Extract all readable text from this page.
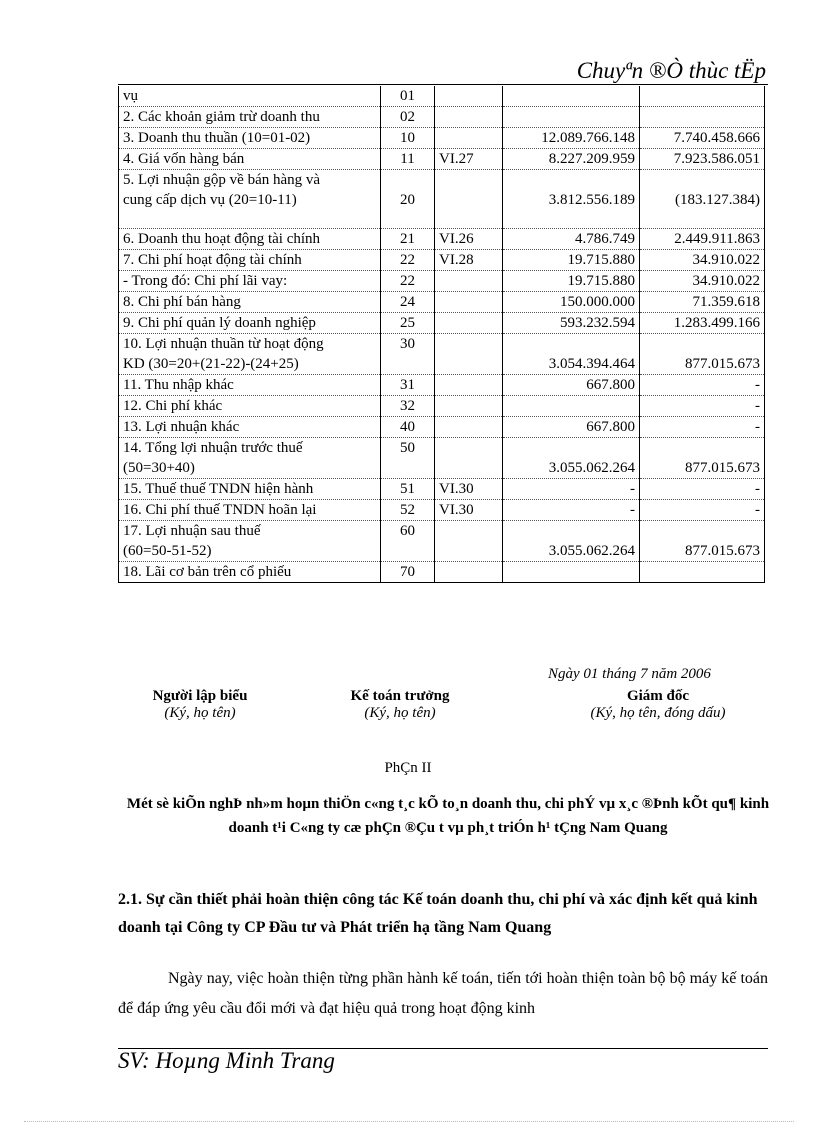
Chuyªn ®Ò thùc tËp
vụ	01			

2. Các khoản giảm trừ doanh thu	02			

3. Doanh thu thuần (10=01-02)	10		12.089.766.148	7.740.458.666

4. Giá vốn hàng bán	11	VI.27	8.227.209.959	7.923.586.051

5. Lợi nhuận gộp về bán hàng và
cung cấp dịch vụ (20=10-11)	20		3.812.556.189	(183.127.384)

6. Doanh thu hoạt động tài chính	21	VI.26	4.786.749	2.449.911.863

7. Chi phí hoạt động tài chính	22	VI.28	19.715.880	34.910.022

- Trong đó: Chi phí lãi vay:	22		19.715.880	34.910.022

8. Chi phí bán hàng	24		150.000.000	71.359.618

9. Chi phí quản lý doanh nghiệp	25		593.232.594	1.283.499.166

10. Lợi nhuận thuần từ hoạt động
KD (30=20+(21-22)-(24+25)	30		3.054.394.464	877.015.673

11. Thu nhập khác	31		667.800	-

12. Chi phí khác	32			-

13. Lợi nhuận khác	40		667.800	-

14. Tổng lợi nhuận trước thuế
(50=30+40)	50		3.055.062.264	877.015.673

15. Thuế thuế TNDN hiện hành	51	VI.30	-	-

16. Chi phí thuế TNDN hoãn lại	52	VI.30	-	-

17. Lợi nhuận sau thuế
(60=50-51-52)	60		3.055.062.264	877.015.673

18. Lãi cơ bản trên cổ phiếu	70			
Ngày 01 tháng 7 năm 2006
Người lập biểu
(Ký, họ tên)
Kế toán trưởng
(Ký, họ tên)
Giám đốc
(Ký, họ tên, đóng dấu)
PhÇn II
Mét sè kiÕn nghÞ nh»m hoµn thiÖn c«ng t¸c kÕ to¸n doanh thu, chi phÝ vµ x¸c ®Þnh kÕt qu¶ kinh doanh t¹i C«ng ty cæ phÇn ®Çu t vµ ph¸t triÓn h¹ tÇng Nam Quang
2.1. Sự cần thiết phải hoàn thiện công tác Kế toán doanh thu, chi phí và xác định kết quả kinh doanh tại Công ty CP Đầu tư và Phát triển hạ tầng Nam Quang
Ngày nay, việc hoàn thiện từng phần hành kế toán, tiến tới hoàn thiện toàn bộ bộ máy kế toán để đáp ứng yêu cầu đổi mới và đạt hiệu quả trong hoạt động kinh
SV: Hoµng Minh Trang
